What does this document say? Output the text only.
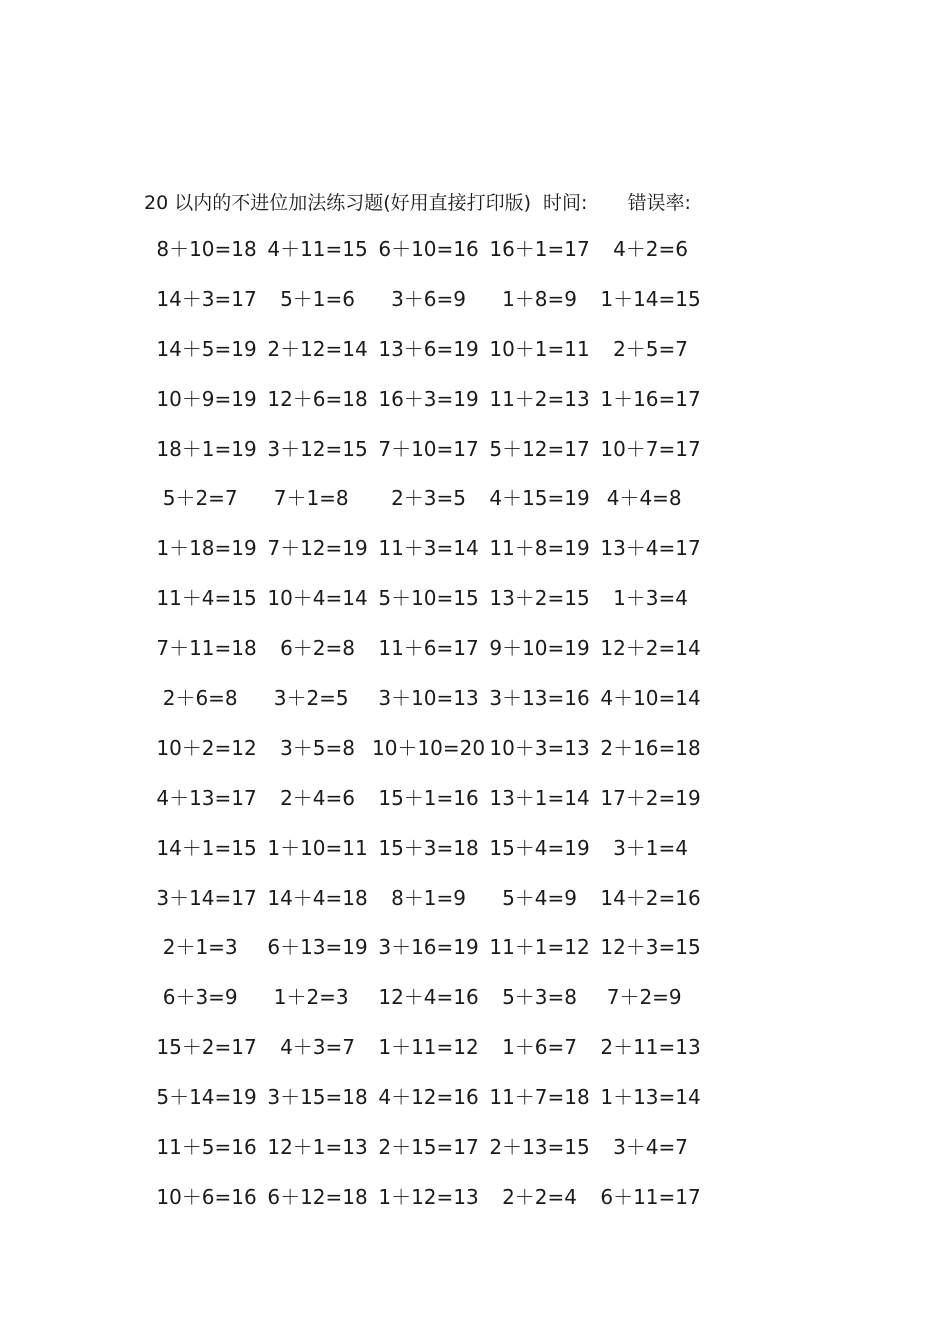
20 以内的不进位加法练习题(好用直接打印版) 时间: 错误率:
8＋10=18 4＋11=15 6＋10=16 16＋1=17 4＋2=6
14＋3=17 5＋1=6 3＋6=9 1＋8=9 1＋14=15
14＋5=19 2＋12=14 13＋6=19 10＋1=11 2＋5=7
10＋9=19 12＋6=18 16＋3=19 11＋2=13 1＋16=17
18＋1=19 3＋12=15 7＋10=17 5＋12=17 10＋7=17
5＋2=7 7＋1=8 2＋3=5 4＋15=19 4＋4=8
1＋18=19 7＋12=19 11＋3=14 11＋8=19 13＋4=17
11＋4=15 10＋4=14 5＋10=15 13＋2=15 1＋3=4
7＋11=18 6＋2=8 11＋6=17 9＋10=19 12＋2=14
2＋6=8 3＋2=5 3＋10=13 3＋13=16 4＋10=14
10＋2=12 3＋5=8 10＋10=20
10＋3=13 2＋16=18
4＋13=17 2＋4=6 15＋1=16 13＋1=14 17＋2=19
14＋1=15 1＋10=11 15＋3=18 15＋4=19 3＋1=4
3＋14=17 14＋4=18 8＋1=9 5＋4=9 14＋2=16
2＋1=3 6＋13=19 3＋16=19 11＋1=12 12＋3=15
6＋3=9 1＋2=3 12＋4=16 5＋3=8 7＋2=9
15＋2=17 4＋3=7 1＋11=12 1＋6=7 2＋11=13
5＋14=19 3＋15=18 4＋12=16 11＋7=18 1＋13=14
11＋5=16 12＋1=13 2＋15=17 2＋13=15 3＋4=7
10＋6=16 6＋12=18 1＋12=13 2＋2=4 6＋11=17
